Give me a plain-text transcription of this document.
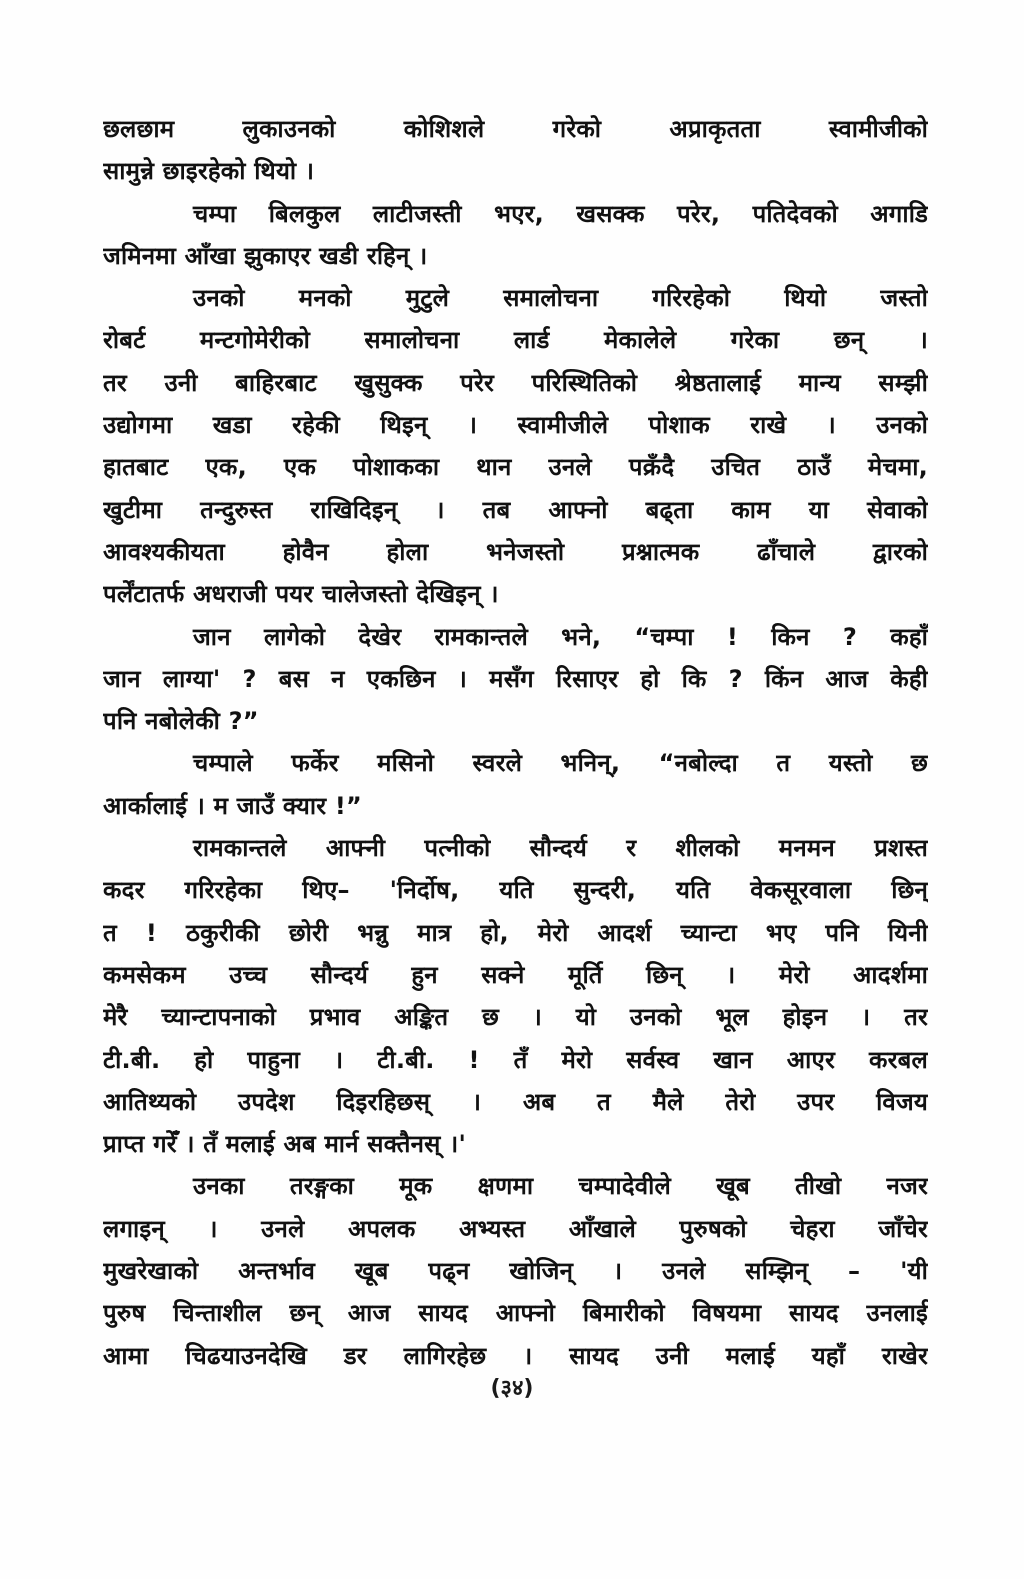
छलछाम लुकाउनको कोशिशले गरेको अप्राकृतता स्वामीजीको
सामुन्ने छाइरहेको थियो ।
चम्पा बिलकुल लाटीजस्ती भएर, खसक्क परेर, पतिदेवको अगाडि
जमिनमा आँखा झुकाएर खडी रहिन् ।
उनको मनको मुटुले समालोचना गरिरहेको थियो जस्तो
रोबर्ट मन्टगोमेरीको समालोचना लार्ड मेकालेले गरेका छन् ।
तर उनी बाहिरबाट खुसुक्क परेर परिस्थितिको श्रेष्ठतालाई मान्य सम्झी
उद्योगमा खडा रहेकी थिइन् । स्वामीजीले पोशाक राखे । उनको
हातबाट एक, एक पोशाकका थान उनले पक्रँदै उचित ठाउँ मेचमा,
खुटीमा तन्दुरुस्त राखिदिइन् । तब आफ्नो बढ्ता काम या सेवाको
आवश्यकीयता होवैन होला भनेजस्तो प्रश्नात्मक ढाँचाले द्वारको
पर्लेंटातर्फ अधराजी पयर चालेजस्तो देखिइन् ।
जान लागेको देखेर रामकान्तले भने, “चम्पा ! किन ? कहाँ
जान लाग्या' ? बस न एकछिन । मसँग रिसाएर हो कि ? किंन आज केही
पनि नबोलेकी ?”
चम्पाले फर्केर मसिनो स्वरले भनिन्, “नबोल्दा त यस्तो छ
आर्कालाई । म जाउँ क्यार !”
रामकान्तले आफ्नी पत्नीको सौन्दर्य र शीलको मनमन प्रशस्त
कदर गरिरहेका थिए– 'निर्दोष, यति सुन्दरी, यति वेकसूरवाला छिन्
त ! ठकुरीकी छोरी भन्नु मात्र हो, मेरो आदर्श च्यान्टा भए पनि यिनी
कमसेकम उच्च सौन्दर्य हुन सक्ने मूर्ति छिन् । मेरो आदर्शमा
मेरै च्यान्टापनाको प्रभाव अङ्कित छ । यो उनको भूल होइन । तर
टी.बी. हो पाहुना । टी.बी. ! तँ मेरो सर्वस्व खान आएर करबल
आतिथ्यको उपदेश दिइरहिछस् । अब त मैले तेरो उपर विजय
प्राप्त गरेँ । तँ मलाई अब मार्न सक्तैनस् ।'
उनका तरङ्गका मूक क्षणमा चम्पादेवीले खूब तीखो नजर
लगाइन् । उनले अपलक अभ्यस्त आँखाले पुरुषको चेहरा जाँचेर
मुखरेखाको अन्तर्भाव खूब पढ्न खोजिन् । उनले सम्झिन् – 'यी
पुरुष चिन्ताशील छन् आज सायद आफ्नो बिमारीको विषयमा सायद उनलाई
आमा चिढयाउनदेखि डर लागिरहेछ । सायद उनी मलाई यहाँ राखेर
(३४)
